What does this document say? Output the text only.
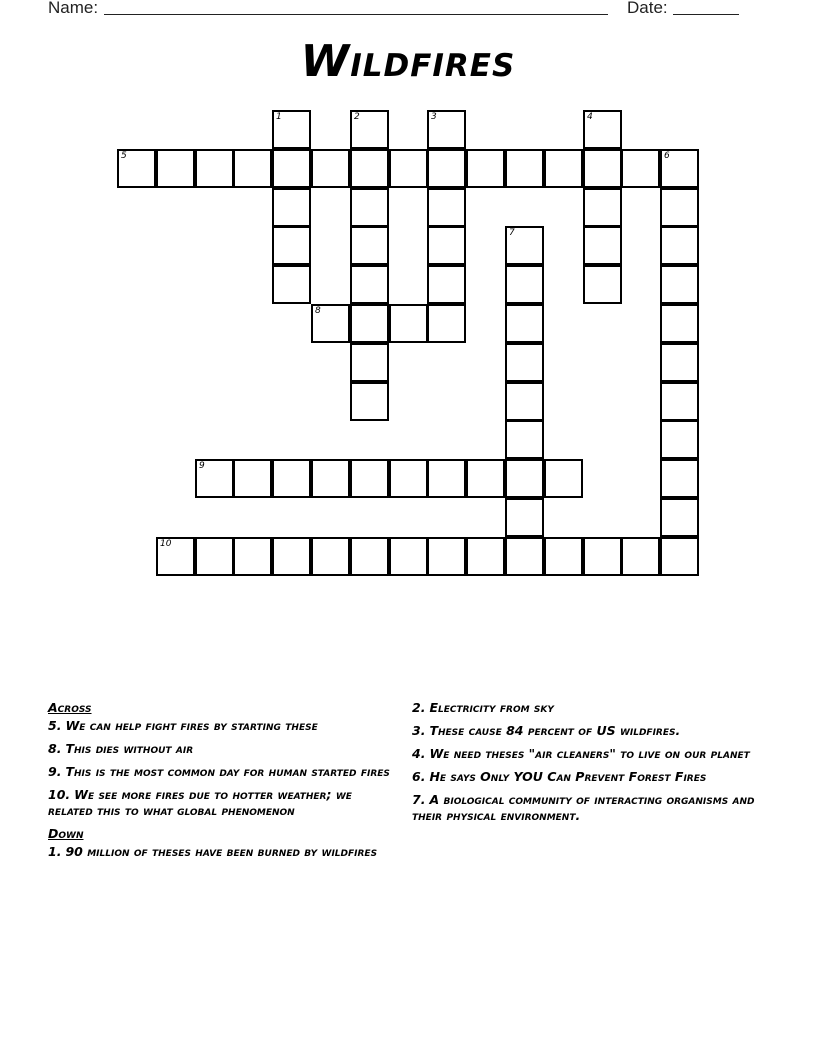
Name:	Date:
Wildfires
1	2	3	4
5	6
7
8
9
10
Across
5. We can help fight fires by starting these
8. This dies without air
9. This is the most common day for human started fires
10. We see more fires due to hotter weather; we related this to what global phenomenon
Down
1. 90 million of theses have been burned by wildfires
2. Electricity from sky
3. These cause 84 percent of US wildfires.
4. We need theses "air cleaners" to live on our planet
6. He says Only YOU Can Prevent Forest Fires
7. A biological community of interacting organisms and their physical environment.
